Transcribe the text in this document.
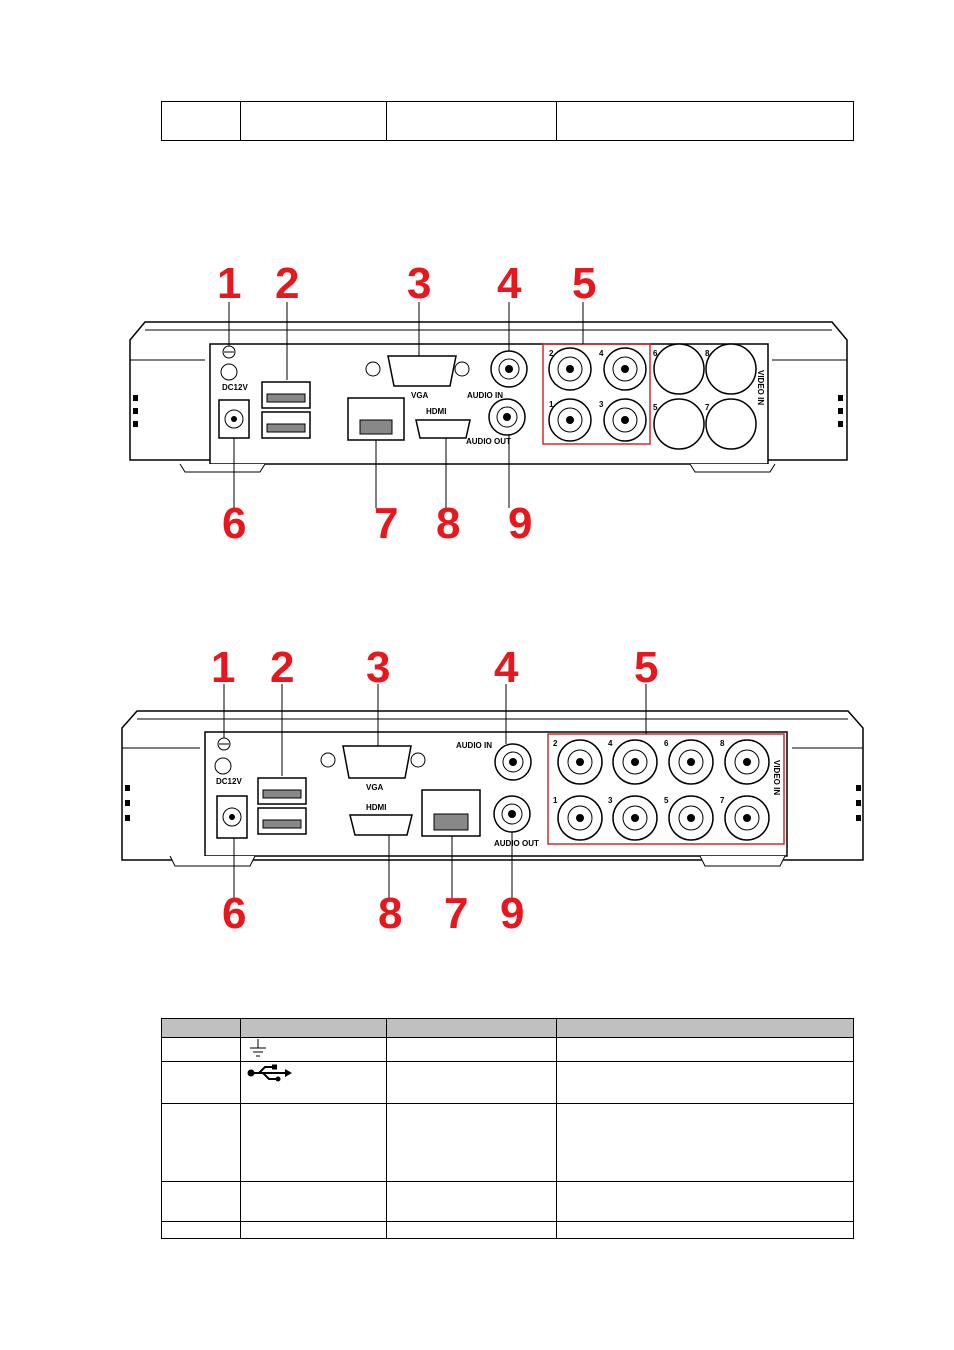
DC12V
VGA
HDMI
AUDIO IN
AUDIO OUT
2	4
1	3
6	8
5	7
VIDEO IN
1 2 3 4 5
6	7 8 9
DC12V
VGA
HDMI
AUDIO IN
AUDIO OUT
2	4	6	8
1	3	5	7
VIDEO IN
1 2 3 4	5
6	8 7 9
